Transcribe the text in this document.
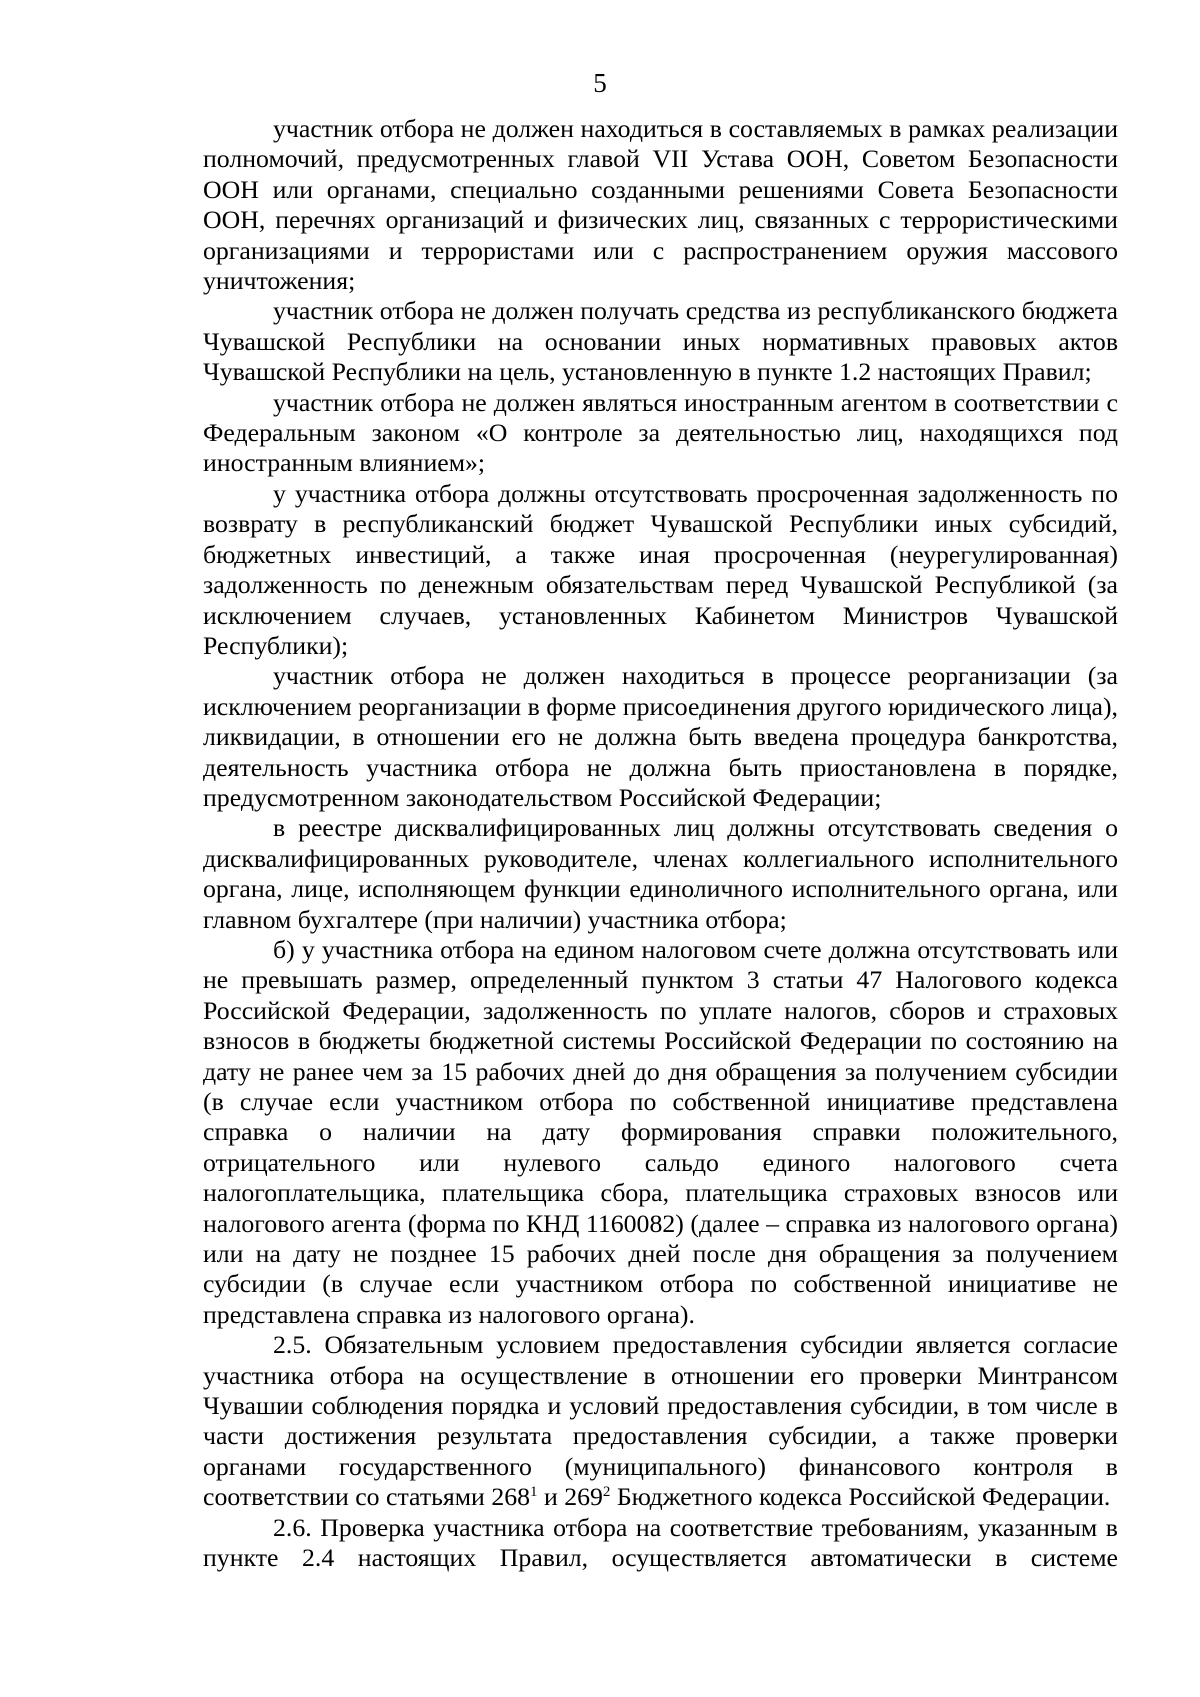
5

участник отбора не должен находиться в составляемых в рамках реализации полномочий, предусмотренных главой VII Устава ООН, Советом Безопасности ООН или органами, специально созданными решениями Совета Безопасности ООН, перечнях организаций и физических лиц, связанных с террористическими организациями и террористами или с распространением оружия массового уничтожения;

участник отбора не должен получать средства из республиканского бюджета Чувашской Республики на основании иных нормативных правовых актов Чувашской Республики на цель, установленную в пункте 1.2 настоящих Правил;

участник отбора не должен являться иностранным агентом в соответствии с Федеральным законом «О контроле за деятельностью лиц, находящихся под иностранным влиянием»;

у участника отбора должны отсутствовать просроченная задолженность по возврату в республиканский бюджет Чувашской Республики иных субсидий, бюджетных инвестиций, а также иная просроченная (неурегулированная) задолженность по денежным обязательствам перед Чувашской Республикой (за исключением случаев, установленных Кабинетом Министров Чувашской Республики);

участник отбора не должен находиться в процессе реорганизации (за исключением реорганизации в форме присоединения другого юридического лица), ликвидации, в отношении его не должна быть введена процедура банкротства, деятельность участника отбора не должна быть приостановлена в порядке, предусмотренном законодательством Российской Федерации;

в реестре дисквалифицированных лиц должны отсутствовать сведения о дисквалифицированных руководителе, членах коллегиального исполнительного органа, лице, исполняющем функции единоличного исполнительного органа, или главном бухгалтере (при наличии) участника отбора;

б) у участника отбора на едином налоговом счете должна отсутствовать или не превышать размер, определенный пунктом 3 статьи 47 Налогового кодекса Российской Федерации, задолженность по уплате налогов, сборов и страховых взносов в бюджеты бюджетной системы Российской Федерации по состоянию на дату не ранее чем за 15 рабочих дней до дня обращения за получением субсидии (в случае если участником отбора по собственной инициативе представлена справка о наличии на дату формирования справки положительного, отрицательного или нулевого сальдо единого налогового счета налогоплательщика, плательщика сбора, плательщика страховых взносов или налогового агента (форма по КНД 1160082) (далее – справка из налогового органа) или на дату не позднее 15 рабочих дней после дня обращения за получением субсидии (в случае если участником отбора по собственной инициативе не представлена справка из налогового органа).

2.5. Обязательным условием предоставления субсидии является согласие участника отбора на осуществление в отношении его проверки Минтрансом Чувашии соблюдения порядка и условий предоставления субсидии, в том числе в части достижения результата предоставления субсидии, а также проверки органами государственного (муниципального) финансового контроля в соответствии со статьями $268^1$ и $269^2$ Бюджетного кодекса Российской Федерации.

2.6. Проверка участника отбора на соответствие требованиям, указанным в пункте 2.4 настоящих Правил, осуществляется автоматически в системе
